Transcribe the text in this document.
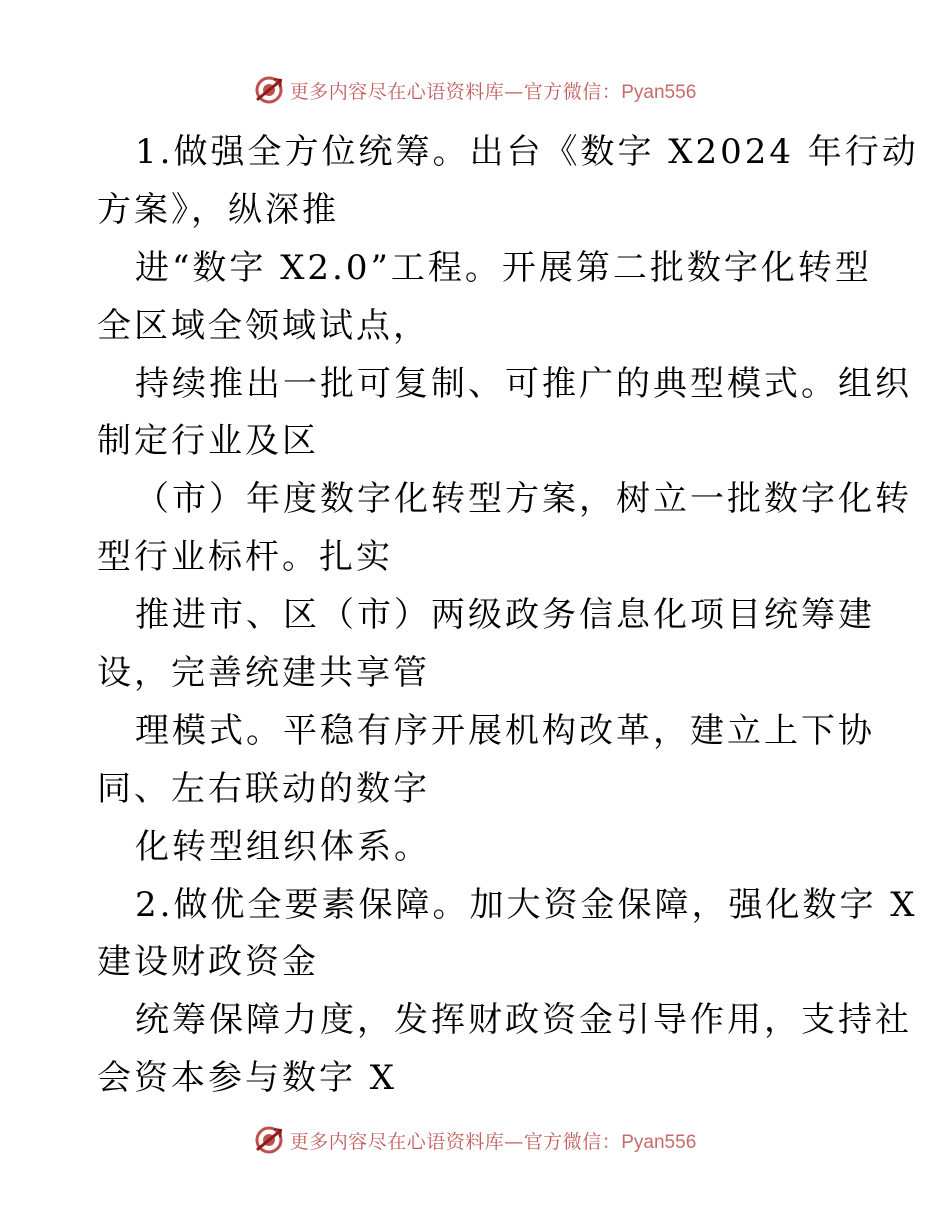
更多内容尽在心语资料库—官方微信：Pyan556
1.做强全方位统筹。出台《数字 X2024 年行动
方案》，纵深推
进“数字 X2.0”工程。开展第二批数字化转型
全区域全领域试点，
持续推出一批可复制、可推广的典型模式。组织
制定行业及区
（市）年度数字化转型方案，树立一批数字化转
型行业标杆。扎实
推进市、区（市）两级政务信息化项目统筹建
设，完善统建共享管
理模式。平稳有序开展机构改革，建立上下协
同、左右联动的数字
化转型组织体系。
2.做优全要素保障。加大资金保障，强化数字 X
建设财政资金
统筹保障力度，发挥财政资金引导作用，支持社
会资本参与数字 X
更多内容尽在心语资料库—官方微信：Pyan556
